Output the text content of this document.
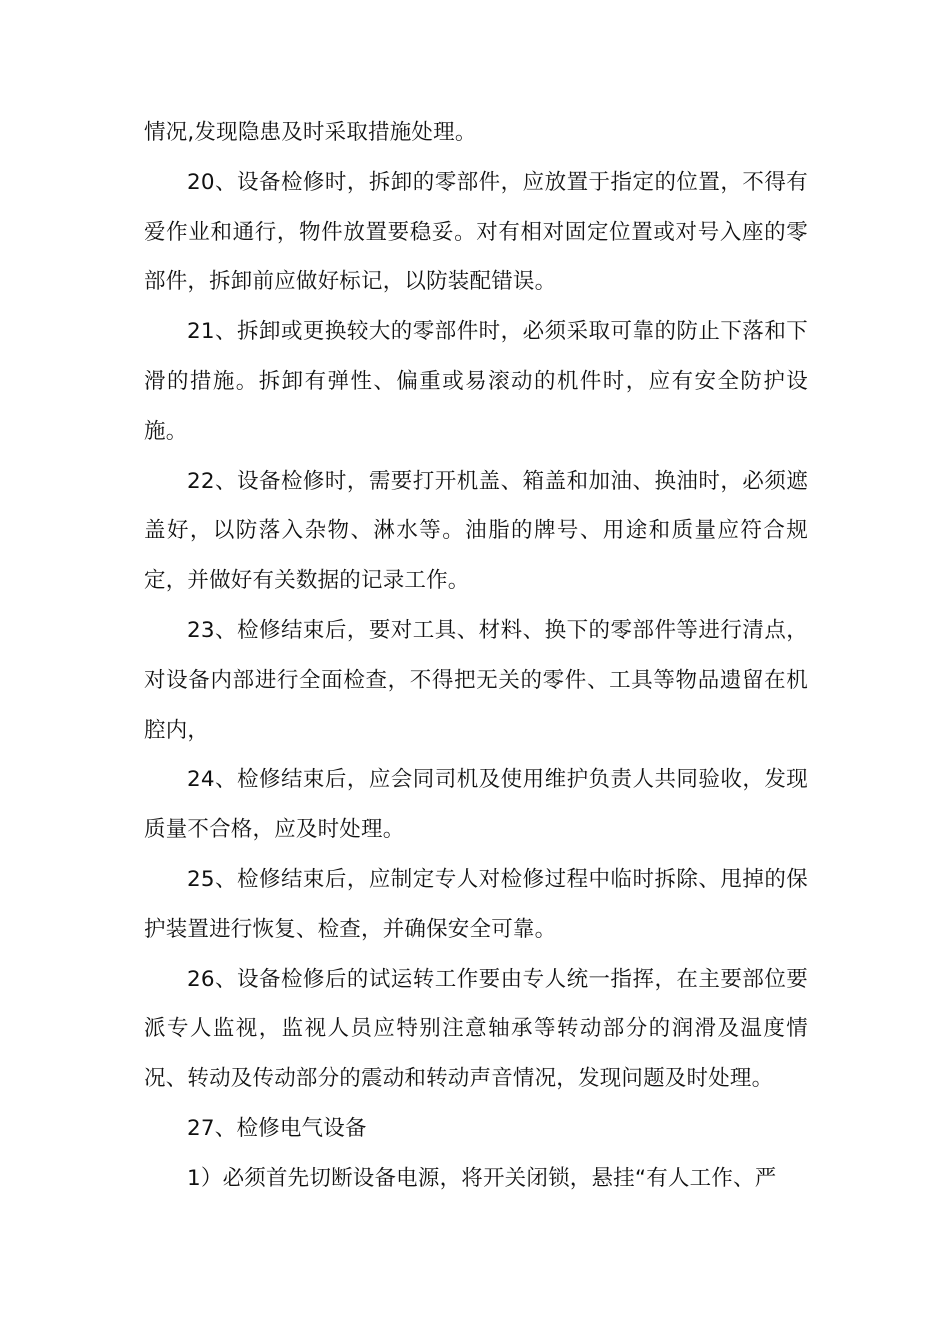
情况,发现隐患及时采取措施处理。

20、设备检修时，拆卸的零部件，应放置于指定的位置，不得有爱作业和通行，物件放置要稳妥。对有相对固定位置或对号入座的零部件，拆卸前应做好标记，以防装配错误。

21、拆卸或更换较大的零部件时，必须采取可靠的防止下落和下滑的措施。拆卸有弹性、偏重或易滚动的机件时，应有安全防护设施。

22、设备检修时，需要打开机盖、箱盖和加油、换油时，必须遮盖好，以防落入杂物、淋水等。油脂的牌号、用途和质量应符合规定，并做好有关数据的记录工作。

23、检修结束后，要对工具、材料、换下的零部件等进行清点，对设备内部进行全面检查，不得把无关的零件、工具等物品遗留在机腔内，

24、检修结束后，应会同司机及使用维护负责人共同验收，发现质量不合格，应及时处理。

25、检修结束后，应制定专人对检修过程中临时拆除、甩掉的保护装置进行恢复、检查，并确保安全可靠。

26、设备检修后的试运转工作要由专人统一指挥，在主要部位要派专人监视，监视人员应特别注意轴承等转动部分的润滑及温度情况、转动及传动部分的震动和转动声音情况，发现问题及时处理。

27、检修电气设备

1）必须首先切断设备电源，将开关闭锁，悬挂“有人工作、严
